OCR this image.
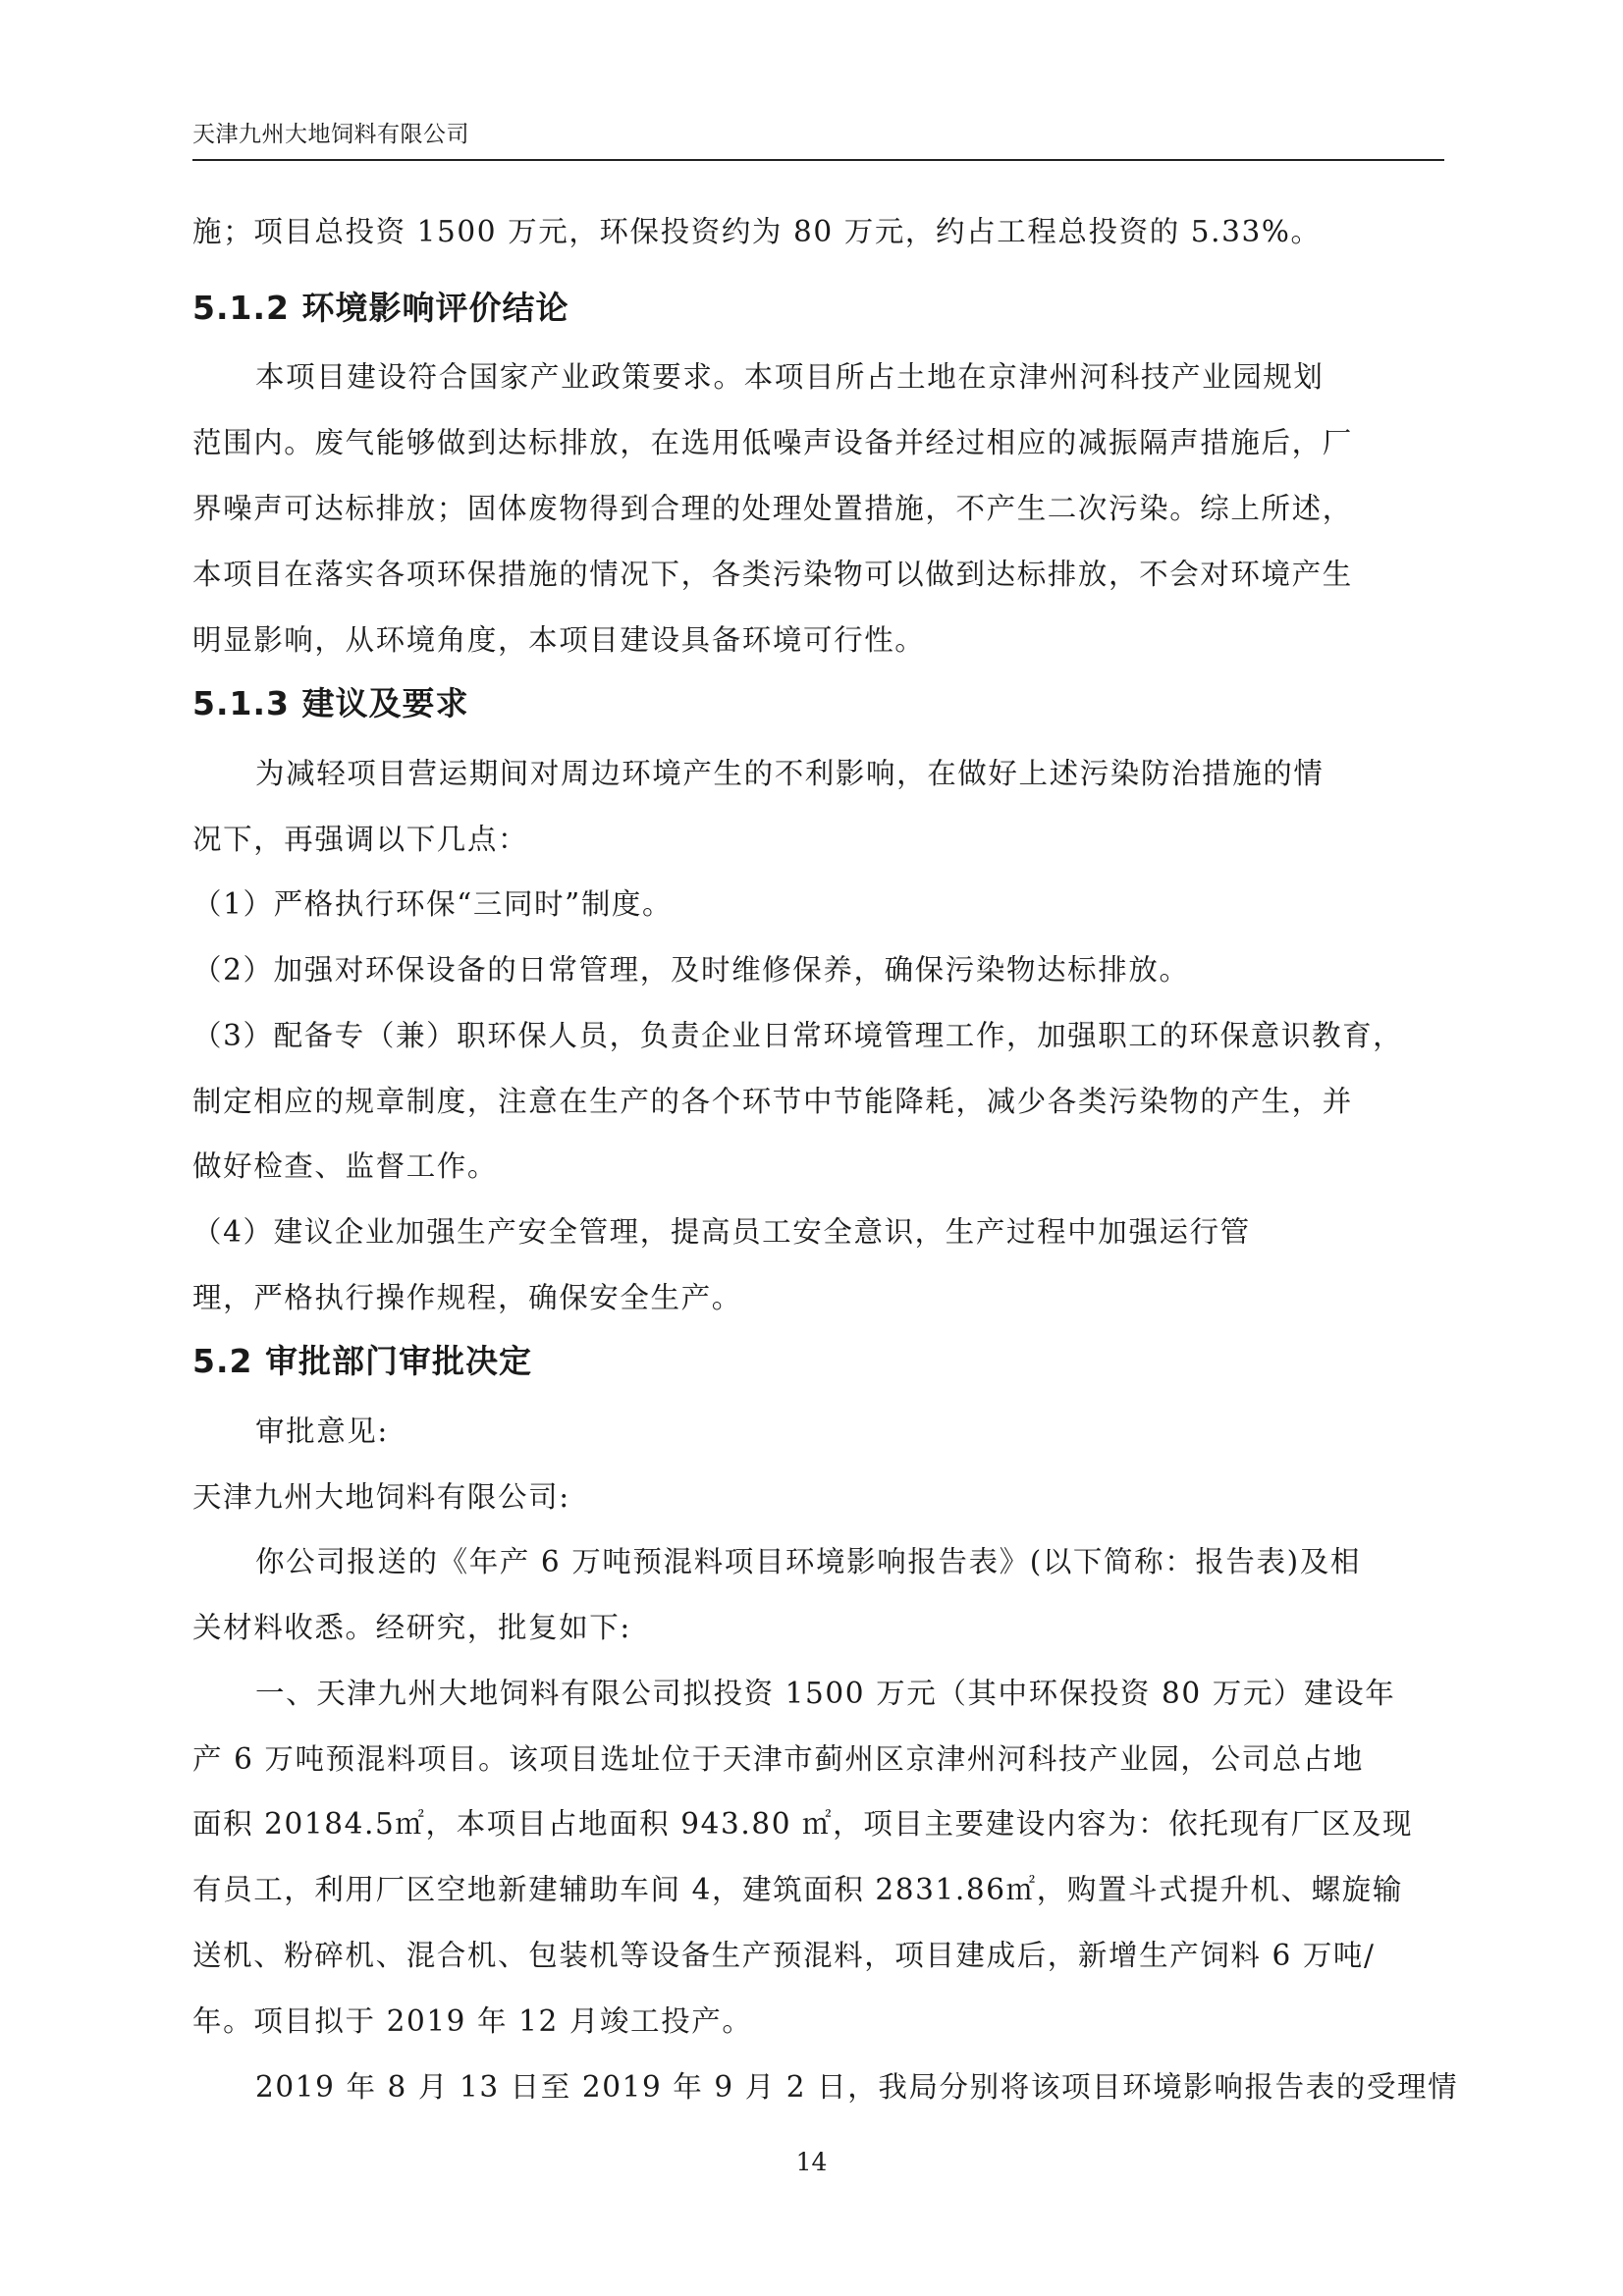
天津九州大地饲料有限公司
施；项目总投资 1500 万元，环保投资约为 80 万元，约占工程总投资的 5.33%。
5.1.2 环境影响评价结论
本项目建设符合国家产业政策要求。本项目所占土地在京津州河科技产业园规划
范围内。废气能够做到达标排放，在选用低噪声设备并经过相应的减振隔声措施后，厂
界噪声可达标排放；固体废物得到合理的处理处置措施，不产生二次污染。综上所述，
本项目在落实各项环保措施的情况下，各类污染物可以做到达标排放，不会对环境产生
明显影响，从环境角度，本项目建设具备环境可行性。
5.1.3 建议及要求
为减轻项目营运期间对周边环境产生的不利影响，在做好上述污染防治措施的情
况下，再强调以下几点：
（1）严格执行环保“三同时”制度。
（2）加强对环保设备的日常管理，及时维修保养，确保污染物达标排放。
（3）配备专（兼）职环保人员，负责企业日常环境管理工作，加强职工的环保意识教育，
制定相应的规章制度，注意在生产的各个环节中节能降耗，减少各类污染物的产生，并
做好检查、监督工作。
（4）建议企业加强生产安全管理，提高员工安全意识，生产过程中加强运行管
理，严格执行操作规程，确保安全生产。
5.2 审批部门审批决定
审批意见:
天津九州大地饲料有限公司:
你公司报送的《年产 6 万吨预混料项目环境影响报告表》(以下简称：报告表)及相
关材料收悉。经研究，批复如下:
一、天津九州大地饲料有限公司拟投资 1500 万元（其中环保投资 80 万元）建设年
产 6 万吨预混料项目。该项目选址位于天津市蓟州区京津州河科技产业园，公司总占地
面积 20184.5㎡，本项目占地面积 943.80 ㎡，项目主要建设内容为：依托现有厂区及现
有员工，利用厂区空地新建辅助车间 4，建筑面积 2831.86㎡，购置斗式提升机、螺旋输
送机、粉碎机、混合机、包装机等设备生产预混料，项目建成后，新增生产饲料 6 万吨/
年。项目拟于 2019 年 12 月竣工投产。
2019 年 8 月 13 日至 2019 年 9 月 2 日，我局分别将该项目环境影响报告表的受理情
14
